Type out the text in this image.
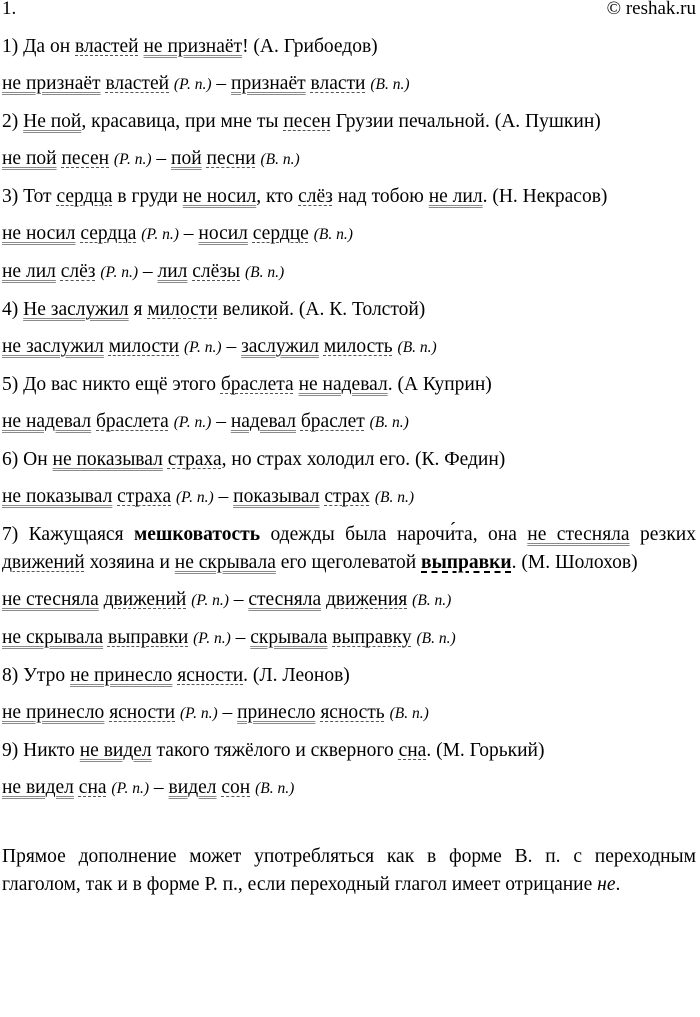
1.	© reshak.ru

1) Да он властей не признаёт! (А. Грибоедов)

не признаёт властей (Р. п.) – признаёт власти (В. п.)

2) Не пой, красавица, при мне ты песен Грузии печальной. (А. Пушкин)

не пой песен (Р. п.) – пой песни (В. п.)

3) Тот сердца в груди не носил, кто слёз над тобою не лил. (Н. Некрасов)

не носил сердца (Р. п.) – носил сердце (В. п.)

не лил слёз (Р. п.) – лил слёзы (В. п.)

4) Не заслужил я милости великой. (А. К. Толстой)

не заслужил милости (Р. п.) – заслужил милость (В. п.)

5) До вас никто ещё этого браслета не надевал. (А Куприн)

не надевал браслета (Р. п.) – надевал браслет (В. п.)

6) Он не показывал страха, но страх холодил его. (К. Федин)

не показывал страха (Р. п.) – показывал страх (В. п.)

7) Кажущаяся мешковатость одежды была нарочи́та, она не стесняла резких движений хозяина и не скрывала его щеголеватой выправки. (М. Шолохов)

не стесняла движений (Р. п.) – стесняла движения (В. п.)

не скрывала выправки (Р. п.) – скрывала выправку (В. п.)

8) Утро не принесло ясности. (Л. Леонов)

не принесло ясности (Р. п.) – принесло ясность (В. п.)

9) Никто не видел такого тяжёлого и скверного сна. (М. Горький)

не видел сна (Р. п.) – видел сон (В. п.)

Прямое дополнение может употребляться как в форме В. п. с переходным глаголом, так и в форме Р. п., если переходный глагол имеет отрицание не.
